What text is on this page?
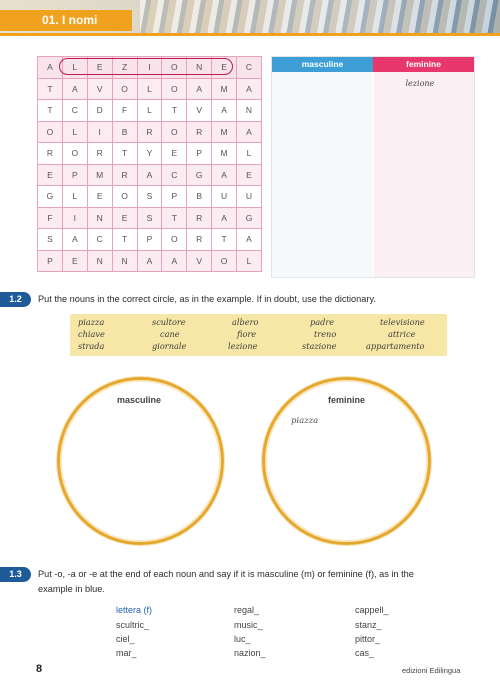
01. I nomi
A	L	E	Z	I	O	N	E	C
T	A	V	O	L	O	A	M	A
T	C	D	F	L	T	V	A	N
O	L	I	B	R	O	R	M	A
R	O	R	T	Y	E	P	M	L
E	P	M	R	A	C	G	A	E
G	L	E	O	S	P	B	U	U
F	I	N	E	S	T	R	A	G
S	A	C	T	P	O	R	T	A
P	E	N	N	A	A	V	O	L
masculine	feminine
lezione
1.2	Put the nouns in the correct circle, as in the example. If in doubt, use the dictionary.
piazza	scultore	albero	padre	televisione
chiave	cane	fiore	treno	attrice
strada	giornale	lezione	stazione	appartamento
masculine	feminine
piazza
1.3	Put -o, -a or -e at the end of each noun and say if it is masculine (m) or feminine (f), as in the
example in blue.
lettera (f)
scultric_
ciel_
mar_
regal_
music_
luc_
nazion_
cappell_
stanz_
pittor_
cas_
8	edizioni Edilingua
